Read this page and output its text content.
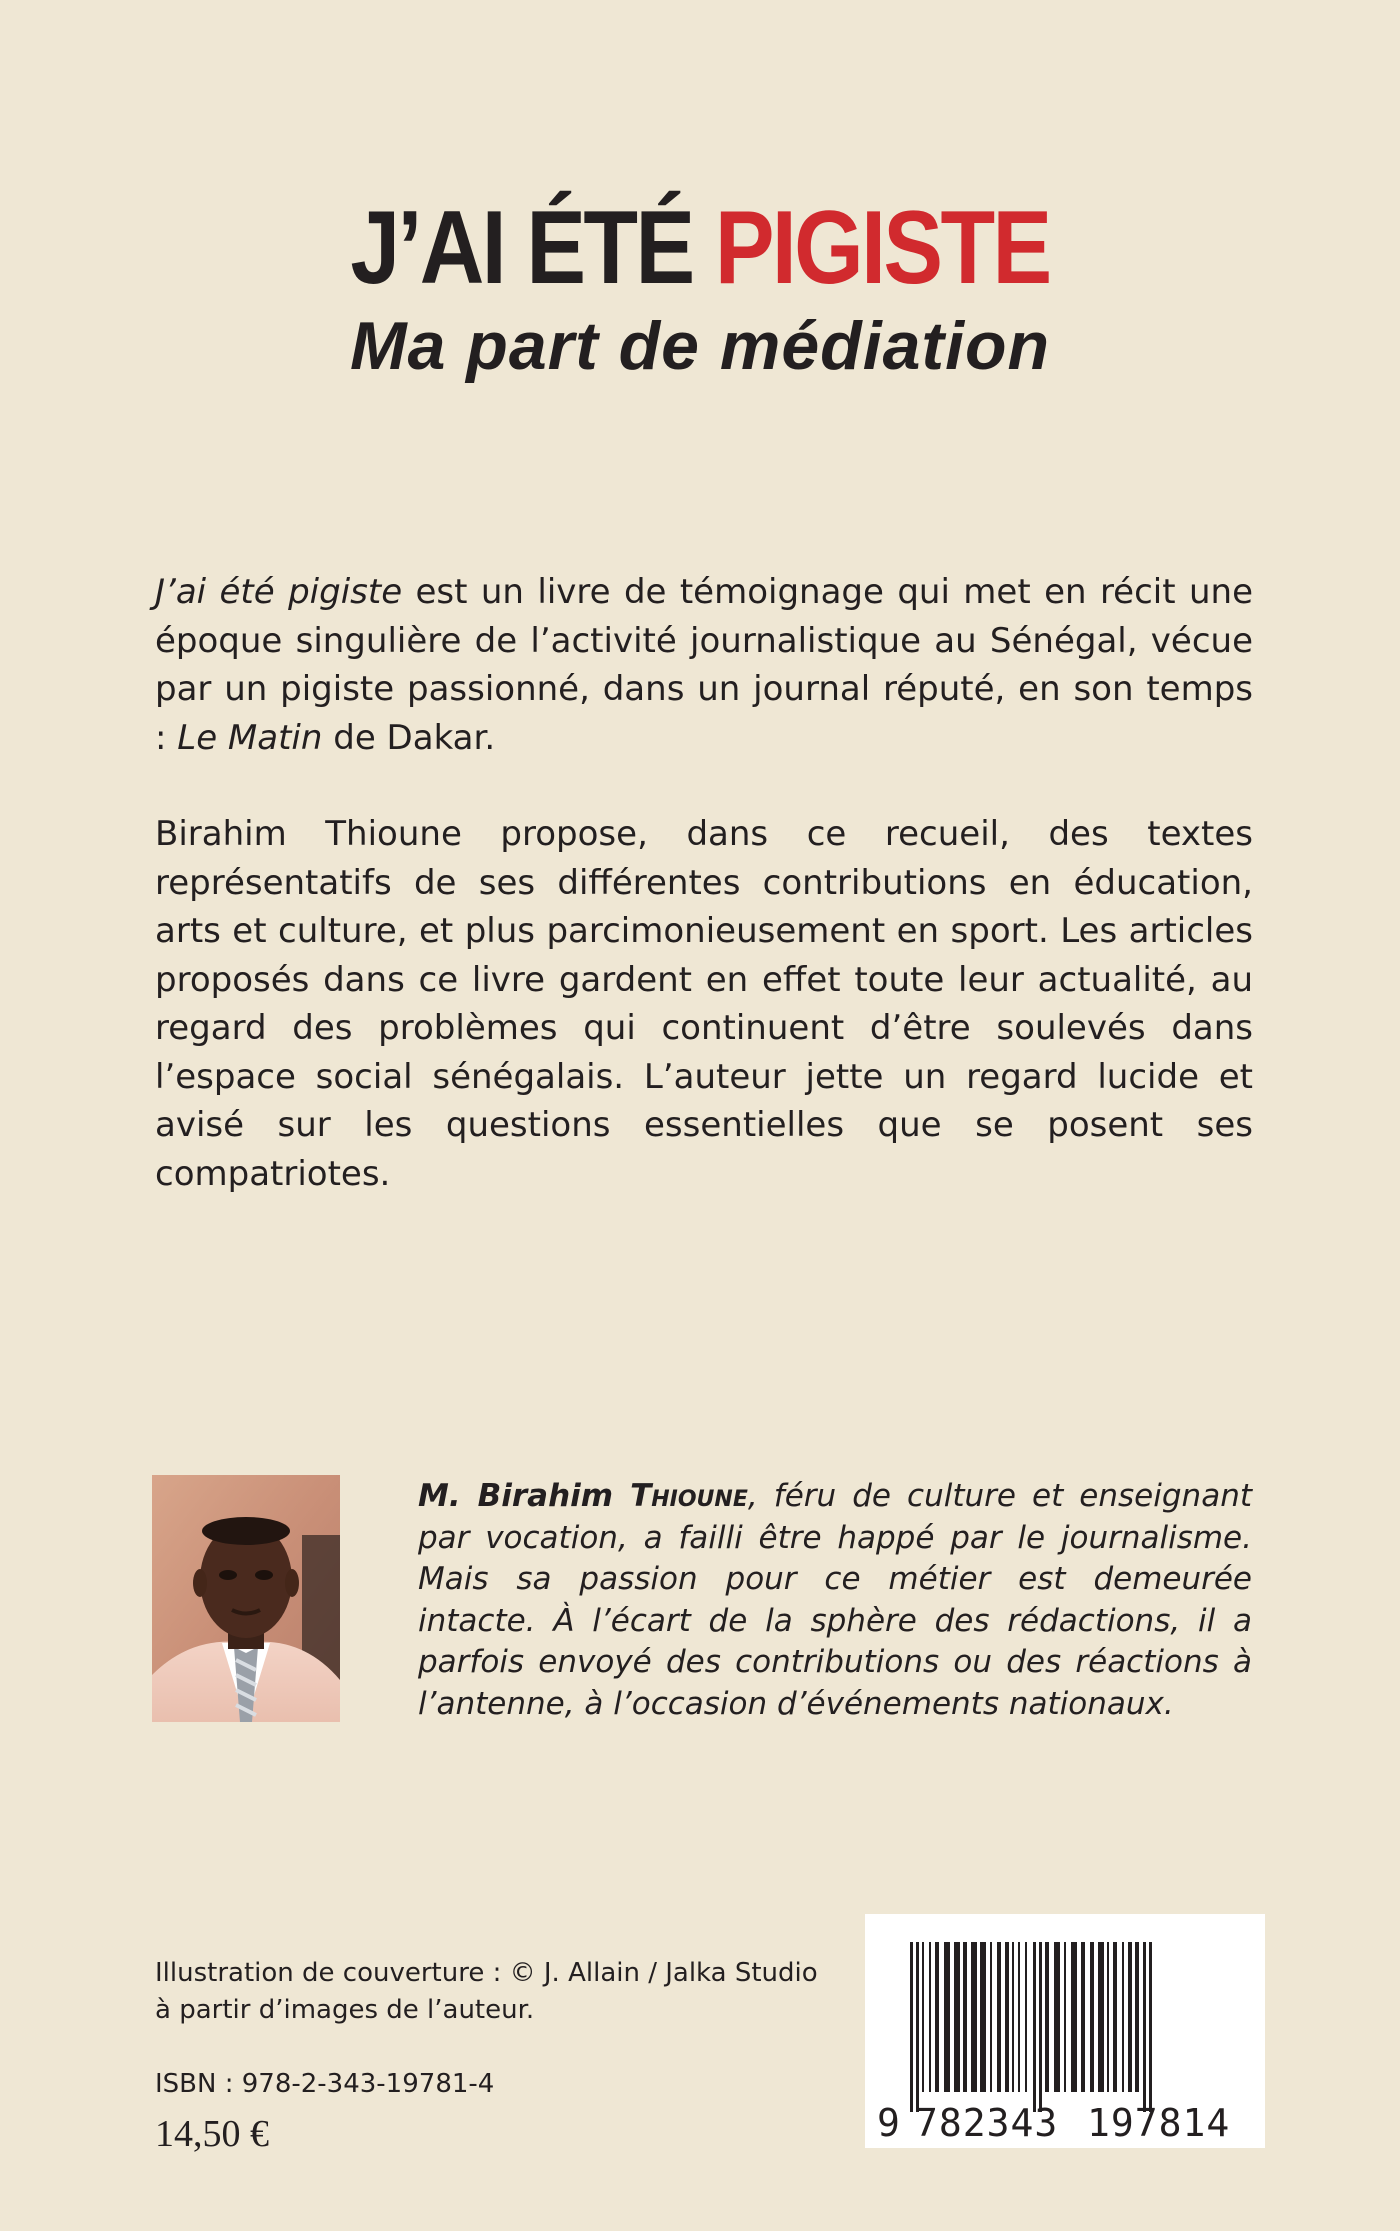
J’AI ÉTÉ PIGISTE
Ma part de médiation
J’ai été pigiste est un livre de témoignage qui met en récit une époque singulière de l’activité journalistique au Sénégal, vécue par un pigiste passionné, dans un journal réputé, en son temps : Le Matin de Dakar.
Birahim Thioune propose, dans ce recueil, des textes représentatifs de ses différentes contributions en éducation, arts et culture, et plus parcimonieusement en sport. Les articles proposés dans ce livre gardent en effet toute leur actualité, au regard des problèmes qui continuent d’être soulevés dans l’espace social sénégalais. L’auteur jette un regard lucide et avisé sur les questions essentielles que se posent ses compatriotes.
M. Birahim Thioune, féru de culture et enseignant par vocation, a failli être happé par le journalisme. Mais sa passion pour ce métier est demeurée intacte. À l’écart de la sphère des rédactions, il a parfois envoyé des contributions ou des réactions à l’antenne, à l’occasion d’événements nationaux.
Illustration de couverture : © J. Allain / Jalka Studio
à partir d’images de l’auteur.
ISBN : 978-2-343-19781-4
14,50 €	9 782343 197814
